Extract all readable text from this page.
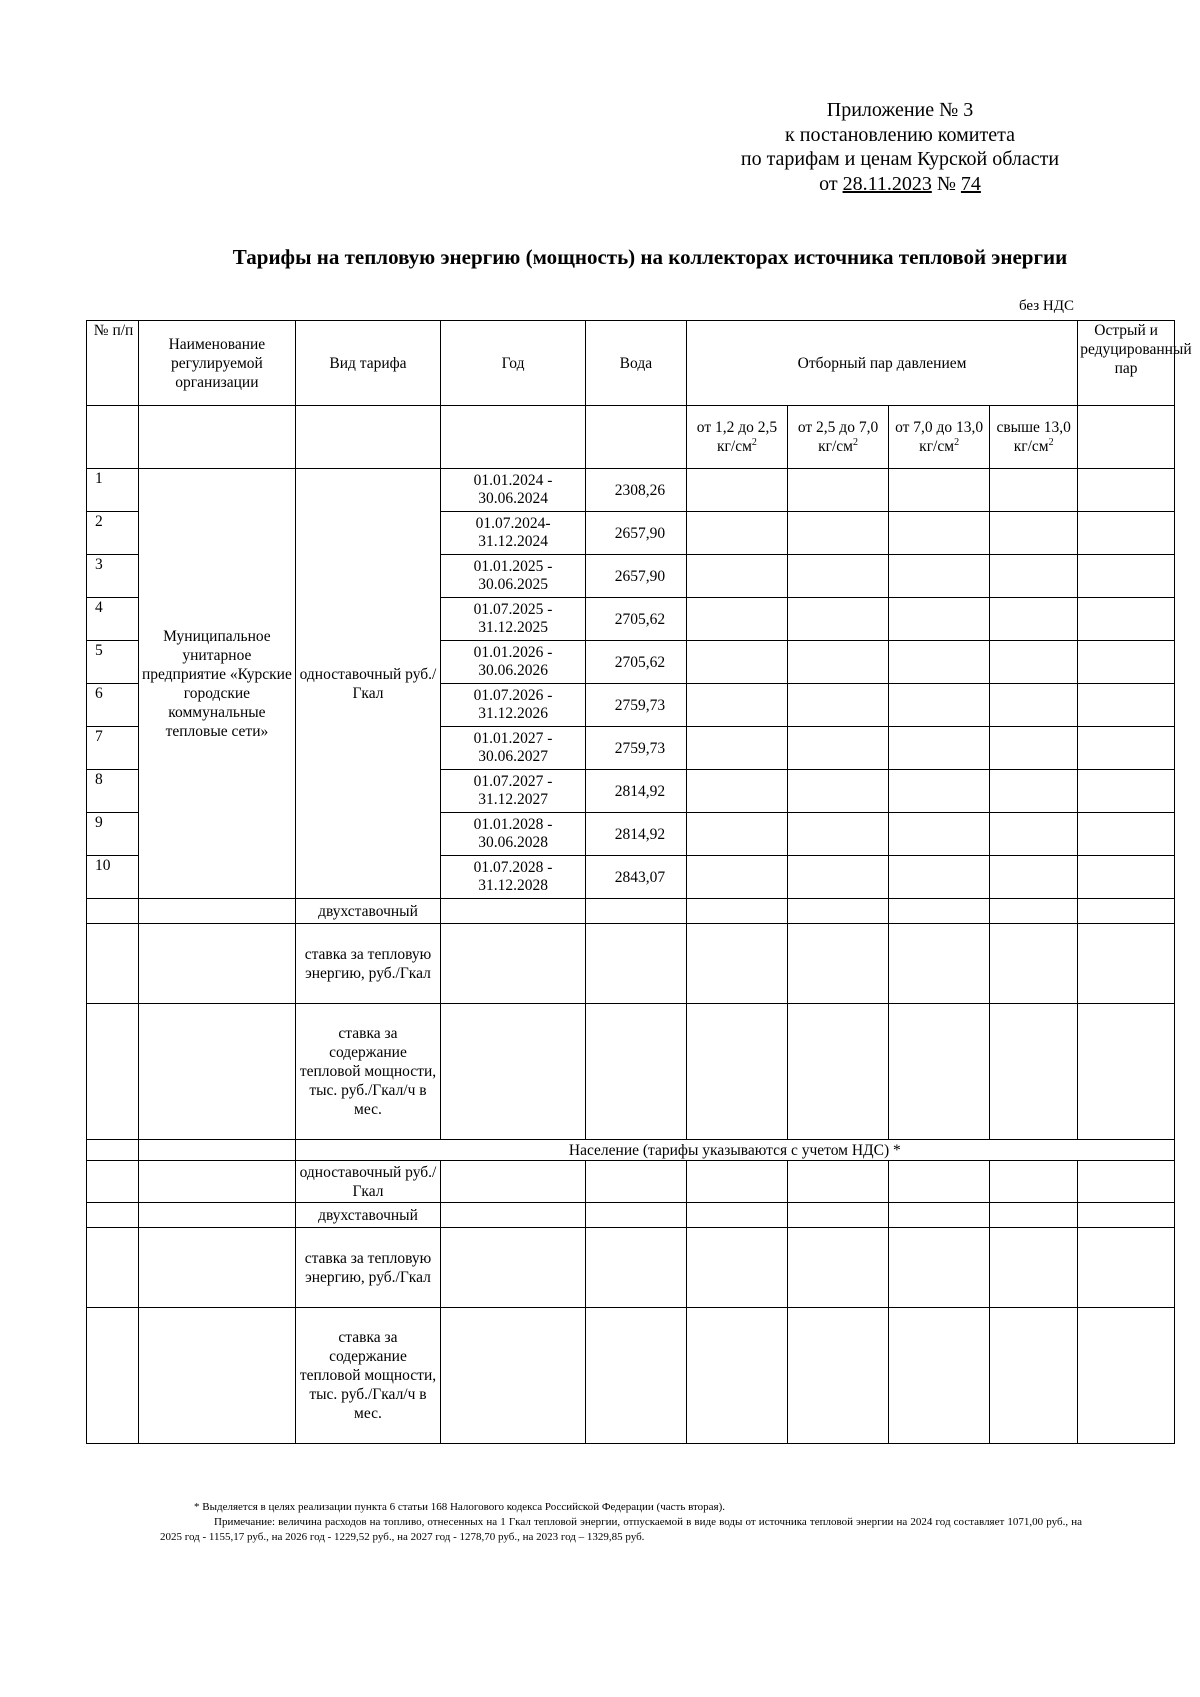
Приложение № 3
к постановлению комитета
по тарифам и ценам Курской области
от 28.11.2023 № 74
Тарифы на тепловую энергию (мощность) на коллекторах источника тепловой энергии
без НДС
№ п/п	Наименование регулируемой организации	Вид тарифа	Год	Вода	Отборный пар давлением				Острый и редуцированный пар
					от 1,2 до 2,5 $кг/см^2$	от 2,5 до 7,0 $кг/см^2$	от 7,0 до 13,0 $кг/см^2$	свыше 13,0 $кг/см^2$	
1	Муниципальное унитарное предприятие «Курские городские коммунальные тепловые сети»	одноставочный руб./Гкал	01.01.2024 - 30.06.2024	2308,26					
2			01.07.2024- 31.12.2024	2657,90					
3			01.01.2025 - 30.06.2025	2657,90					
4			01.07.2025 - 31.12.2025	2705,62					
5			01.01.2026 - 30.06.2026	2705,62					
6			01.07.2026 - 31.12.2026	2759,73					
7			01.01.2027 - 30.06.2027	2759,73					
8			01.07.2027 - 31.12.2027	2814,92					
9			01.01.2028 - 30.06.2028	2814,92					
10			01.07.2028 - 31.12.2028	2843,07					
		двухставочный							
		ставка за тепловую энергию, руб./Гкал							
		ставка за содержание тепловой мощности, тыс. руб./Гкал/ч в мес.							
		Население (тарифы указываются с учетом НДС) *							
		одноставочный руб./Гкал							
		двухставочный							
		ставка за тепловую энергию, руб./Гкал							
		ставка за содержание тепловой мощности, тыс. руб./Гкал/ч в мес.							
* Выделяется в целях реализации пункта 6 статьи 168 Налогового кодекса Российской Федерации (часть вторая).
Примечание: величина расходов на топливо, отнесенных на 1 Гкал тепловой энергии, отпускаемой в виде воды от источника тепловой энергии на 2024 год составляет 1071,00 руб., на 2025 год - 1155,17 руб., на 2026 год - 1229,52 руб., на 2027 год - 1278,70 руб., на 2023 год – 1329,85 руб.
